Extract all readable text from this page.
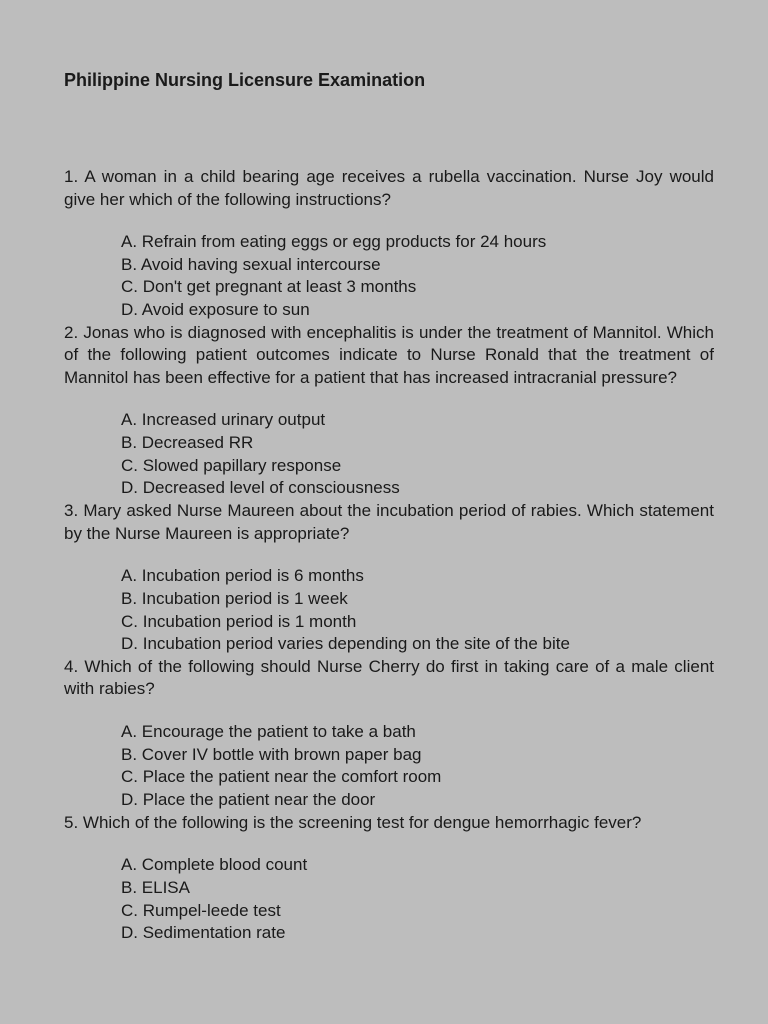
Philippine Nursing Licensure Examination
1. A woman in a child bearing age receives a rubella vaccination. Nurse Joy would give her which of the following instructions?
A. Refrain from eating eggs or egg products for 24 hours
B. Avoid having sexual intercourse
C. Don't get pregnant at least 3 months
D. Avoid exposure to sun
2. Jonas who is diagnosed with encephalitis is under the treatment of Mannitol. Which of the following patient outcomes indicate to Nurse Ronald that the treatment of Mannitol has been effective for a patient that has increased intracranial pressure?
A. Increased urinary output
B. Decreased RR
C. Slowed papillary response
D. Decreased level of consciousness
3. Mary asked Nurse Maureen about the incubation period of rabies. Which statement by the Nurse Maureen is appropriate?
A. Incubation period is 6 months
B. Incubation period is 1 week
C. Incubation period is 1 month
D. Incubation period varies depending on the site of the bite
4. Which of the following should Nurse Cherry do first in taking care of a male client with rabies?
A. Encourage the patient to take a bath
B. Cover IV bottle with brown paper bag
C. Place the patient near the comfort room
D. Place the patient near the door
5. Which of the following is the screening test for dengue hemorrhagic fever?
A. Complete blood count
B. ELISA
C. Rumpel-leede test
D. Sedimentation rate
